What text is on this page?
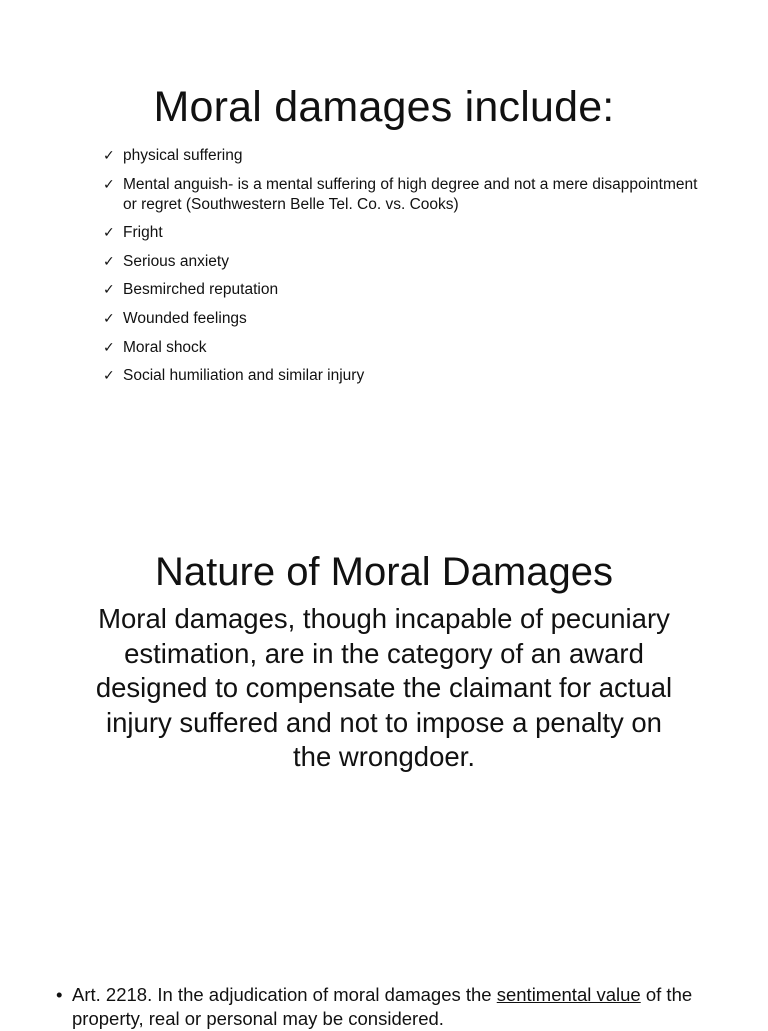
Moral damages include:
✓ physical suffering
✓ Mental anguish- is a mental suffering of high degree and not a mere disappointment or regret (Southwestern Belle Tel. Co. vs. Cooks)
✓ Fright
✓ Serious anxiety
✓ Besmirched reputation
✓ Wounded feelings
✓ Moral shock
✓ Social humiliation and similar injury
Nature of Moral Damages
Moral damages, though incapable of pecuniary estimation, are in the category of an award designed to compensate the claimant for actual injury suffered and not to impose a penalty on the wrongdoer.
• Art. 2218. In the adjudication of moral damages the sentimental value of the property, real or personal may be considered.
